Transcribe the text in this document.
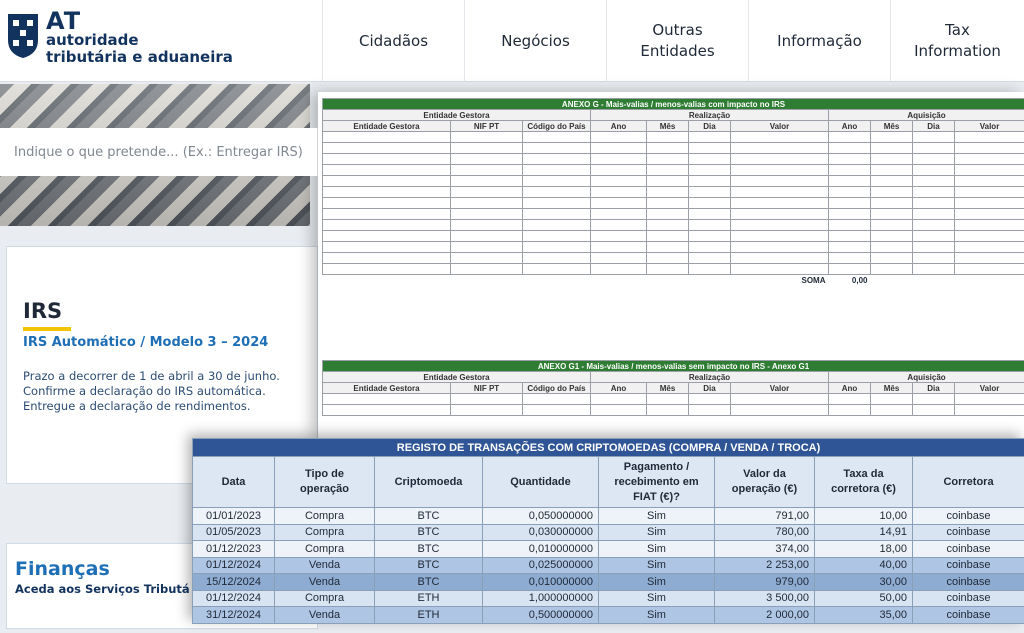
AT
autoridade
tributária e aduaneira
Cidadãos	Negócios
Outras Entidades
Informação
Tax Information
Indique o que pretende... (Ex.: Entregar IRS)
IRS
IRS Automático / Modelo 3 – 2024
Prazo a decorrer de 1 de abril a 30 de junho.
Confirme a declaração do IRS automática.
Entregue a declaração de rendimentos.
Finanças
Aceda aos Serviços Tributá
ANEXO G - Mais-valias / menos-valias com impacto no IRS										
Entidade Gestora			Realização				Aquisição			
Entidade Gestora	NIF PT	Código do País	Ano	Mês	Dia	Valor	Ano	Mês	Dia	Valor

						SOMA	0,00			
ANEXO G1 - Mais-valias / menos-valias sem impacto no IRS - Anexo G1										
Entidade Gestora			Realização				Aquisição			
Entidade Gestora	NIF PT	Código do País	Ano	Mês	Dia	Valor	Ano	Mês	Dia	Valor

REGISTO DE TRANSAÇÕES COM CRIPTOMOEDAS (COMPRA / VENDA / TROCA)							
Data	Tipo de operação	Criptomoeda	Quantidade	Pagamento / recebimento em FIAT (€)?	Valor da operação (€)	Taxa da corretora (€)	Corretora
01/01/2023	Compra	BTC	0,050000000	Sim	791,00	10,00	coinbase
01/05/2023	Compra	BTC	0,030000000	Sim	780,00	14,91	coinbase
01/12/2023	Compra	BTC	0,010000000	Sim	374,00	18,00	coinbase
01/12/2024	Venda	BTC	0,025000000	Sim	2 253,00	40,00	coinbase
15/12/2024	Venda	BTC	0,010000000	Sim	979,00	30,00	coinbase
01/12/2024	Compra	ETH	1,000000000	Sim	3 500,00	50,00	coinbase
31/12/2024	Venda	ETH	0,500000000	Sim	2 000,00	35,00	coinbase
